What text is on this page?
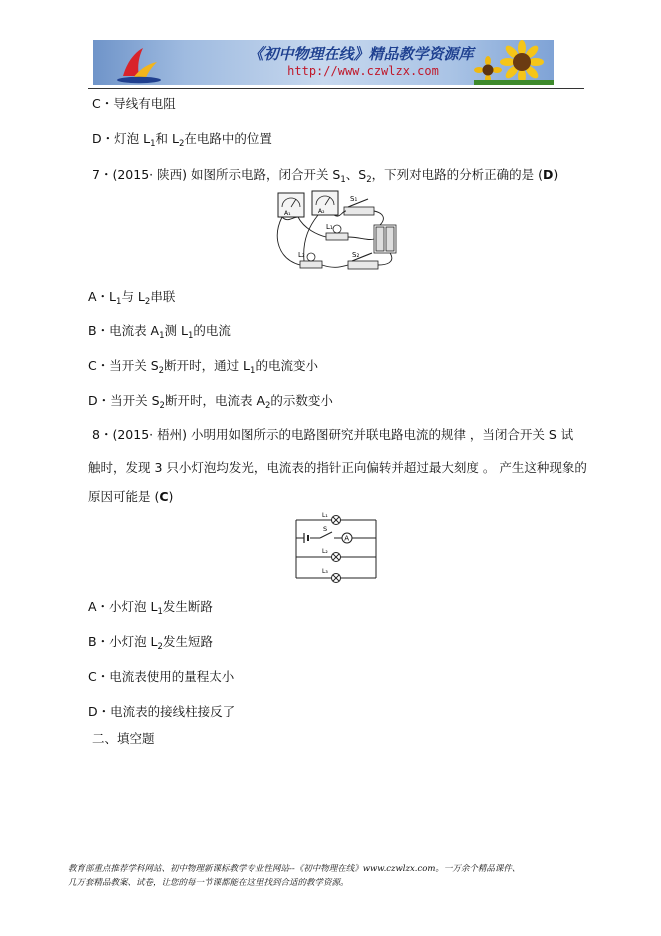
《初中物理在线》精品教学资源库
http://www.czwlzx.com
C・导线有电阻
D・灯泡 $L_1$和 $L_2$在电路中的位置
7・(2015· 陕西) 如图所示电路，闭合开关 $S_1$、$S_2$，下列对电路的分析正确的是 (D)
A₁	A₂
S₁
L₁
L₂	S₂
A・$L_1$与 $L_2$串联
B・电流表 $A_1$测 $L_1$的电流
C・当开关 $S_2$断开时，通过 $L_1$的电流变小
D・当开关 $S_2$断开时，电流表 $A_2$的示数变小
8・(2015· 梧州) 小明用如图所示的电路图研究并联电路电流的规律 ，当闭合开关 S 试
触时，发现 3 只小灯泡均发光，电流表的指针正向偏转并超过最大刻度 。 产生这种现象的
原因可能是 (C)
A
S
L₁
L₂
L₃
A・小灯泡 $L_1$发生断路
B・小灯泡 $L_2$发生短路
C・电流表使用的量程太小
D・电流表的接线柱接反了
二、填空题
教育部重点推荐学科网站、初中物理新课标教学专业性网站--《初中物理在线》www.czwlzx.com。一万余个精品课件、
几万套精品教案、试卷，让您的每一节课都能在这里找到合适的教学资源。
